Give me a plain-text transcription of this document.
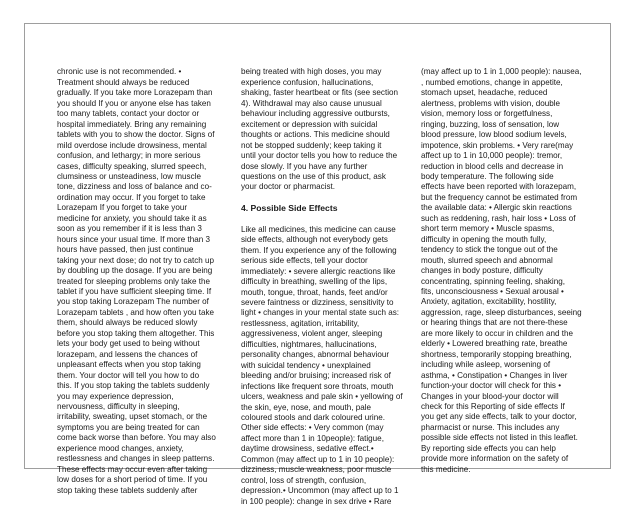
chronic use is not recommended. •
Treatment should always be reduced
gradually. If you take more Lorazepam than
you should If you or anyone else has taken
too many tablets, contact your doctor or
hospital immediately. Bring any remaining
tablets with you to show the doctor. Signs of
mild overdose include drowsiness, mental
confusion, and lethargy; in more serious
cases, difficulty speaking, slurred speech,
clumsiness or unsteadiness, low muscle
tone, dizziness and loss of balance and co-
ordination may occur. If you forget to take
Lorazepam If you forget to take your
medicine for anxiety, you should take it as
soon as you remember if it is less than 3
hours since your usual time. If more than 3
hours have passed, then just continue
taking your next dose; do not try to catch up
by doubling up the dosage. If you are being
treated for sleeping problems only take the
tablet if you have sufficient sleeping time. If
you stop taking Lorazepam The number of
Lorazepam tablets , and how often you take
them, should always be reduced slowly
before you stop taking them altogether. This
lets your body get used to being without
lorazepam, and lessens the chances of
unpleasant effects when you stop taking
them. Your doctor will tell you how to do
this. If you stop taking the tablets suddenly
you may experience depression,
nervousness, difficulty in sleeping,
irritability, sweating, upset stomach, or the
symptoms you are being treated for can
come back worse than before. You may also
experience mood changes, anxiety,
restlessness and changes in sleep patterns.
These effects may occur even after taking
low doses for a short period of time. If you
stop taking these tablets suddenly after

being treated with high doses, you may
experience confusion, hallucinations,
shaking, faster heartbeat or fits (see section
4). Withdrawal may also cause unusual
behaviour including aggressive outbursts,
excitement or depression with suicidal
thoughts or actions. This medicine should
not be stopped suddenly; keep taking it
until your doctor tells you how to reduce the
dose slowly. If you have any further
questions on the use of this product, ask
your doctor or pharmacist.

4. Possible Side Effects

Like all medicines, this medicine can cause
side effects, although not everybody gets
them. If you experience any of the following
serious side effects, tell your doctor
immediately: • severe allergic reactions like
difficulty in breathing, swelling of the lips,
mouth, tongue, throat, hands, feet and/or
severe faintness or dizziness, sensitivity to
light • changes in your mental state such as:
restlessness, agitation, irritability,
aggressiveness, violent anger, sleeping
difficulties, nightmares, hallucinations,
personality changes, abnormal behaviour
with suicidal tendency • unexplained
bleeding and/or bruising; increased risk of
infections like frequent sore throats, mouth
ulcers, weakness and pale skin • yellowing of
the skin, eye, nose, and mouth, pale
coloured stools and dark coloured urine.
Other side effects: • Very common (may
affect more than 1 in 10people): fatigue,
daytime drowsiness, sedative effect.•
Common (may affect up to 1 in 10 people):
dizziness, muscle weakness, poor muscle
control, loss of strength, confusion,
depression.• Uncommon (may affect up to 1
in 100 people): change in sex drive • Rare

(may affect up to 1 in 1,000 people): nausea,
, numbed emotions, change in appetite,
stomach upset, headache, reduced
alertness, problems with vision, double
vision, memory loss or forgetfulness,
ringing, buzzing, loss of sensation, low
blood pressure, low blood sodium levels,
impotence, skin problems. • Very rare(may
affect up to 1 in 10,000 people): tremor,
reduction in blood cells and decrease in
body temperature. The following side
effects have been reported with lorazepam,
but the frequency cannot be estimated from
the available data: • Allergic skin reactions
such as reddening, rash, hair loss • Loss of
short term memory • Muscle spasms,
difficulty in opening the mouth fully,
tendency to stick the tongue out of the
mouth, slurred speech and abnormal
changes in body posture, difficulty
concentrating, spinning feeling, shaking,
fits, unconsciousness • Sexual arousal •
Anxiety, agitation, excitability, hostility,
aggression, rage, sleep disturbances, seeing
or hearing things that are not there-these
are more likely to occur in children and the
elderly • Lowered breathing rate, breathe
shortness, temporarily stopping breathing,
including while asleep, worsening of
asthma, • Constipation • Changes in liver
function-your doctor will check for this •
Changes in your blood-your doctor will
check for this Reporting of side effects If
you get any side effects, talk to your doctor,
pharmacist or nurse. This includes any
possible side effects not listed in this leaflet.
By reporting side effects you can help
provide more information on the safety of
this medicine.
